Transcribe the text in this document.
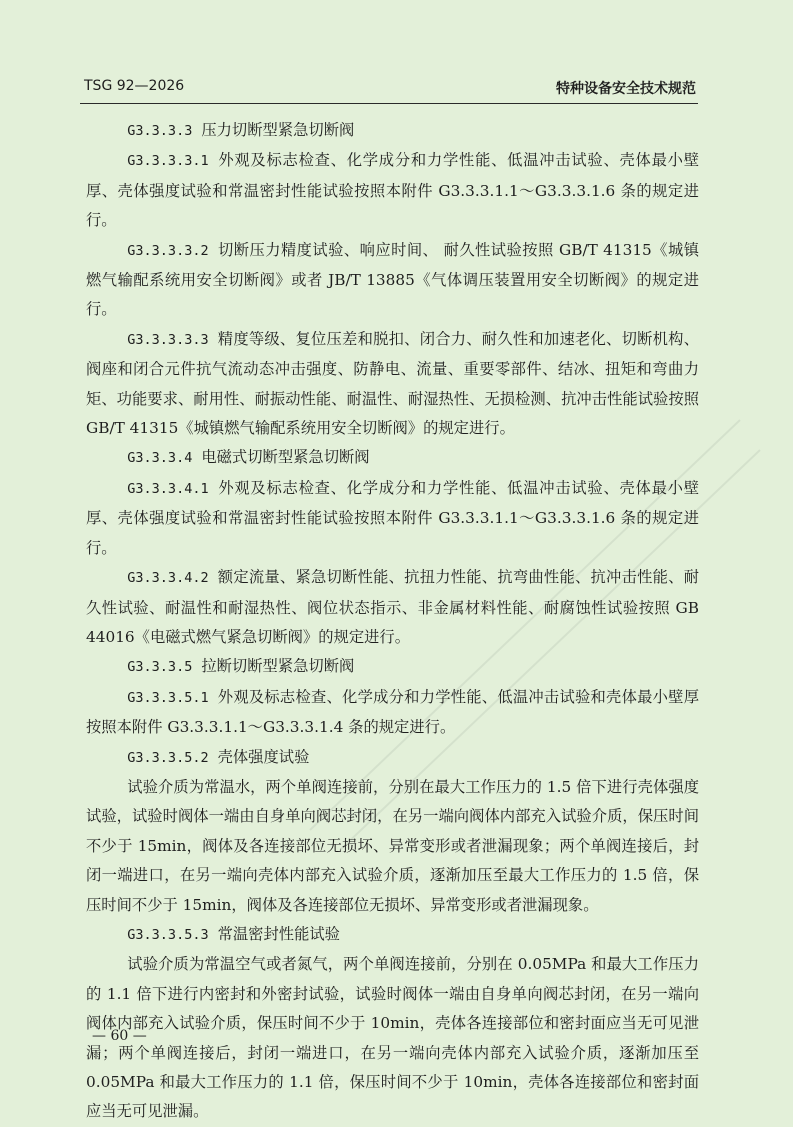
TSG 92—2026	特种设备安全技术规范

G3.3.3.3 压力切断型紧急切断阀

G3.3.3.3.1 外观及标志检查、化学成分和力学性能、低温冲击试验、壳体最小壁厚、壳体强度试验和常温密封性能试验按照本附件 G3.3.3.1.1～G3.3.3.1.6 条的规定进行。

G3.3.3.3.2 切断压力精度试验、响应时间、 耐久性试验按照 GB/T 41315《城镇燃气输配系统用安全切断阀》或者 JB/T 13885《气体调压装置用安全切断阀》的规定进行。

G3.3.3.3.3 精度等级、复位压差和脱扣、闭合力、耐久性和加速老化、切断机构、阀座和闭合元件抗气流动态冲击强度、防静电、流量、重要零部件、结冰、扭矩和弯曲力矩、功能要求、耐用性、耐振动性能、耐温性、耐湿热性、无损检测、抗冲击性能试验按照 GB/T 41315《城镇燃气输配系统用安全切断阀》的规定进行。

G3.3.3.4 电磁式切断型紧急切断阀

G3.3.3.4.1 外观及标志检查、化学成分和力学性能、低温冲击试验、壳体最小壁厚、壳体强度试验和常温密封性能试验按照本附件 G3.3.3.1.1～G3.3.3.1.6 条的规定进行。

G3.3.3.4.2 额定流量、紧急切断性能、抗扭力性能、抗弯曲性能、抗冲击性能、耐久性试验、耐温性和耐湿热性、阀位状态指示、非金属材料性能、耐腐蚀性试验按照 GB 44016《电磁式燃气紧急切断阀》的规定进行。

G3.3.3.5 拉断切断型紧急切断阀

G3.3.3.5.1 外观及标志检查、化学成分和力学性能、低温冲击试验和壳体最小壁厚按照本附件 G3.3.3.1.1～G3.3.3.1.4 条的规定进行。

G3.3.3.5.2 壳体强度试验

试验介质为常温水，两个单阀连接前，分别在最大工作压力的 1.5 倍下进行壳体强度试验，试验时阀体一端由自身单向阀芯封闭，在另一端向阀体内部充入试验介质，保压时间不少于 15min，阀体及各连接部位无损坏、异常变形或者泄漏现象；两个单阀连接后，封闭一端进口，在另一端向壳体内部充入试验介质，逐渐加压至最大工作压力的 1.5 倍，保压时间不少于 15min，阀体及各连接部位无损坏、异常变形或者泄漏现象。

G3.3.3.5.3 常温密封性能试验

试验介质为常温空气或者氮气，两个单阀连接前，分别在 0.05MPa 和最大工作压力的 1.1 倍下进行内密封和外密封试验，试验时阀体一端由自身单向阀芯封闭，在另一端向阀体内部充入试验介质，保压时间不少于 10min，壳体各连接部位和密封面应当无可见泄漏；两个单阀连接后，封闭一端进口，在另一端向壳体内部充入试验介质，逐渐加压至 0.05MPa 和最大工作压力的 1.1 倍，保压时间不少于 10min，壳体各连接部位和密封面应当无可见泄漏。

— 60 —
